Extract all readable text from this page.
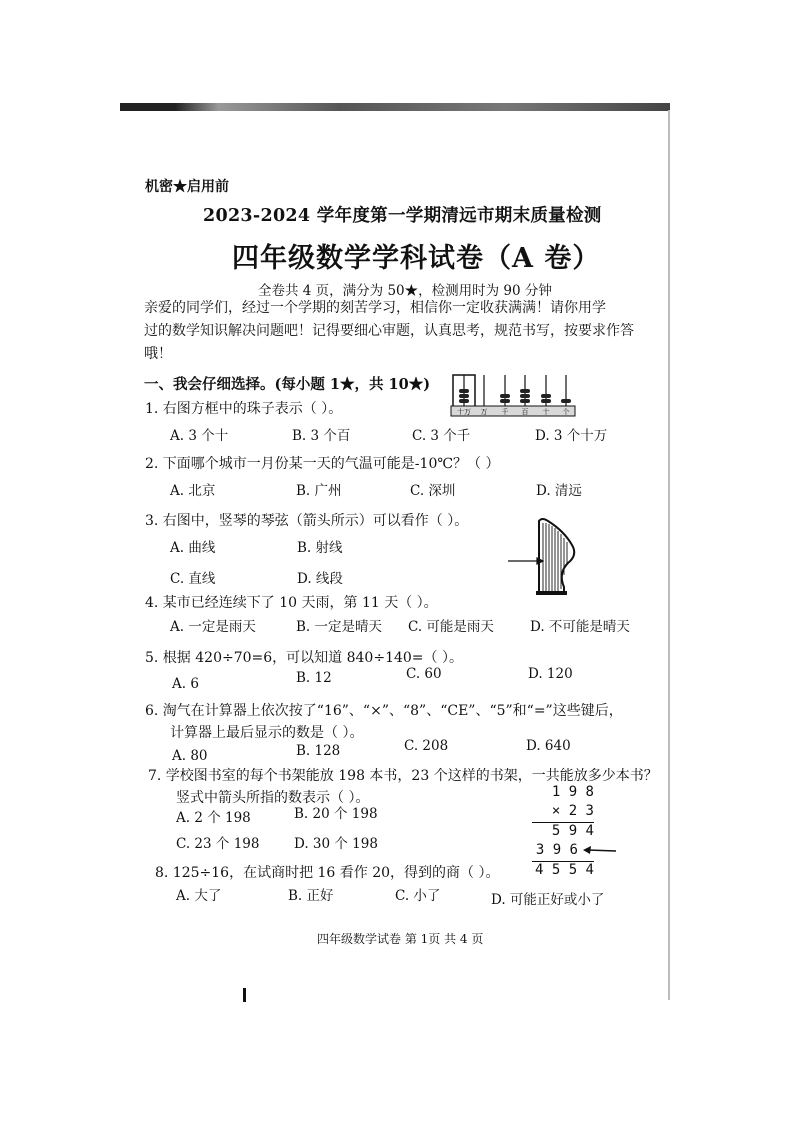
机密★启用前
2023-2024 学年度第一学期清远市期末质量检测
四年级数学学科试卷（A 卷）
全卷共 4 页，满分为 50★，检测用时为 90 分钟
亲爱的同学们，经过一个学期的刻苦学习，相信你一定收获满满！请你用学
过的数学知识解决问题吧！记得要细心审题，认真思考，规范书写，按要求作答
哦！
一、我会仔细选择。(每小题 1★，共 10★)
十万 万 千 百 十 个
1. 右图方框中的珠子表示（ ）。
A. 3 个十	B. 3 个百	C. 3 个千	D. 3 个十万
2. 下面哪个城市一月份某一天的气温可能是-10℃？（ ）
A. 北京	B. 广州	C. 深圳	D. 清远
3. 右图中，竖琴的琴弦（箭头所示）可以看作（ ）。
A. 曲线	B. 射线
C. 直线	D. 线段
4. 某市已经连续下了 10 天雨，第 11 天（ ）。
A. 一定是雨天	B. 一定是晴天 C. 可能是雨天	D. 不可能是晴天
5. 根据 420÷70=6，可以知道 840÷140=（ ）。
A. 6	B. 12	C. 60	D. 120
6. 淘气在计算器上依次按了“16”、“×”、“8”、“CE”、“5”和“=”这些键后，
计算器上最后显示的数是（ ）。
A. 80	B. 128	C. 208	D. 640
7. 学校图书室的每个书架能放 198 本书，23 个这样的书架，一共能放多少本书？
竖式中箭头所指的数表示（ ）。
A. 2 个 198	B. 20 个 198
C. 23 个 198	D. 30 个 198
1 9 8
× 2 3
5 9 4
3 9 6
4 5 5 4
8. 125÷16，在试商时把 16 看作 20，得到的商（ ）。
A. 大了	B. 正好	C. 小了	D. 可能正好或小了
四年级数学试卷 第 1页 共 4 页
